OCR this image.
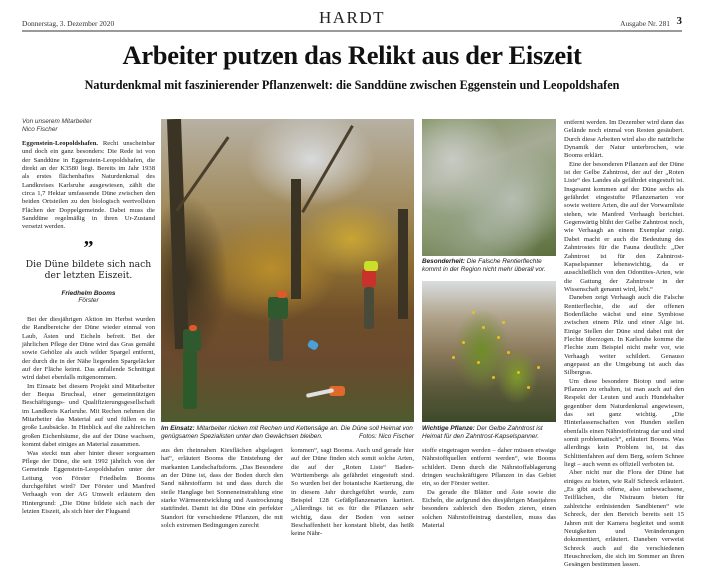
Donnerstag, 3. Dezember 2020	HARDT	Ausgabe Nr. 281 3
Arbeiter putzen das Relikt aus der Eiszeit
Naturdenkmal mit faszinierender Pflanzenwelt: die Sanddüne zwischen Eggenstein und Leopoldshafen
Von unserem Mitarbeiter
Nico Fischer

Eggenstein-Leopoldshafen. Recht unscheinbar und doch ein ganz besonders: Die Rede ist von der Sanddüne in Eggenstein-Leopoldshafen, die direkt an der K3580 liegt. Bereits im Jahr 1938 als erstes flächenhaftes Naturdenkmal des Landkreises Karlsruhe ausgewiesen, zählt die circa 1,7 Hektar umfassende Düne zwischen den beiden Ortsteilen zu den biologisch wertvollsten Flächen der Doppelgemeinde. Dabei muss die Sanddüne regelmäßig in ihren Ur-Zustand versetzt werden.

”
Die Düne bildete sich nach der letzten Eiszeit.
Friedhelm Booms
Förster

Bei der diesjährigen Aktion im Herbst wurden die Randbereiche der Düne wieder einmal von Laub, Ästen und Eicheln befreit. Bei der jährlichen Pflege der Düne wird das Gras gemäht sowie Gehölze als auch wilder Spargel entfernt, der durch die in der Nähe liegenden Spargeläcker auf der Fläche keimt. Das anfallende Schnittgut wird dabei ebenfalls mitgenommen.

Im Einsatz bei diesem Projekt sind Mitarbeiter der Bequa Bruchsal, einer gemeinnützigen Beschäftigungs- und Qualifizierungsgesellschaft im Landkreis Karlsruhe. Mit Rechen nehmen die Mitarbeiter das Material auf und füllen es in große Laubsäcke. In Hinblick auf die zahlreichen großen Eichenbäume, die auf der Düne wachsen, kommt dabei einiges an Material zusammen.

Was steckt nun aber hinter dieser sorgsamen Pflege der Düne, die seit 1992 jährlich von der Gemeinde Eggenstein-Leopoldshafen unter der Leitung von Förster Friedhelm Booms durchgeführt wird? Der Förster und Manfred Verhaagh von der AG Umwelt erläutern den Hintergrund: „Die Düne bildete sich nach der letzten Eiszeit, als sich hier der Flugsand

Im Einsatz: Mitarbeiter rücken mit Rechen und Kettensäge an. Die Düne soll Heimat von genügsamen Spezialisten unter den Gewächsen bleiben.	Fotos: Nico Fischer
Besonderheit: Die Falsche Rentierflechte kommt in der Region nicht mehr überall vor.
Wichtige Pflanze: Der Gelbe Zahntrost ist Heimat für den Zahntrost-Kapselspanner.

aus den rheinnahen Kiesflächen abgelagert hat“, erläutert Booms die Entstehung der markanten Landschaftsform. „Das Besondere an der Düne ist, dass der Boden durch den Sand nährstoffarm ist und dass durch die steile Hanglage bei Sonneneinstrahlung eine starke Wärmeentwicklung und Austrocknung stattfindet. Damit ist die Düne ein perfekter Standort für verschiedene Pflanzen, die mit solch extremen Bedingungen zurecht

kommen“, sagt Booms. Auch und gerade hier auf der Düne finden sich somit solche Arten, die auf der „Roten Liste“ Baden-Württembergs als gefährdet eingestuft sind. So wurden bei der botanische Kartierung, die in diesem Jahr durchgeführt wurde, zum Beispiel 128 Gefäßpflanzenarten kartiert. „Allerdings ist es für die Pflanzen sehr wichtig, dass der Boden von seiner Beschaffenheit her konstant bliebt, das heißt keine Nähr-

stoffe eingetragen werden – daher müssen etwaige Nährstoffquellen entfernt werden“, wie Booms schildert. Denn durch die Nährstoffablagerung dringen wuchskräftigere Pflanzen in das Gebiet ein, so der Förster weiter.

Da gerade die Blätter und Äste sowie die Eicheln, die aufgrund des diesjährigen Mastjahres besonders zahlreich den Boden zieren, einen solchen Nährstoffeintrag darstellen, muss das Material

entfernt werden. Im Dezember wird dann das Gelände noch einmal von Resten gesäubert. Durch diese Arbeiten wird also die natürliche Dynamik der Natur unterbrochen, wie Booms erklärt.

Eine der besonderen Pflanzen auf der Düne ist der Gelbe Zahntrost, der auf der „Roten Liste“ des Landes als gefährdet eingestuft ist. Insgesamt kommen auf der Düne sechs als gefährdet eingestufte Pflanzenarten vor sowie weitere Arten, die auf der Vorwarnliste stehen, wie Manfred Verhaagh berichtet. Gegenwärtig blüht der Gelbe Zahntrost noch, wie Verhaagh an einem Exemplar zeigt. Dabei macht er auch die Bedeutung des Zahntrostes für die Fauna deutlich: „Der Zahntrost ist für den Zahntrost-Kapselspanner lebenswichtig, da er ausschließlich von den Odontites-Arten, wie die Gattung der Zahntroste in der Wissenschaft genannt wird, lebt.“

Daneben zeigt Verhaagh auch die Falsche Rentierflechte, die auf der offenen Bodenfläche wächst und eine Symbiose zwischen einem Pilz und einer Alge ist. Einige Stellen der Düne sind dabei mit der Flechte überzogen. In Karlsruhe komme die Flechte zum Beispiel nicht mehr vor, wie Verhaagh weiter schildert. Genauso angepasst an die Umgebung ist auch das Silbergras.

Um diese besondere Biotop und seine Pflanzen zu erhalten, ist man auch auf den Respekt der Leuten und auch Hundehalter gegenüber dem Naturdenkmal angewiesen, das sei ganz wichtig. „Die Hinterlassenschaften von Hunden stellen ebenfalls einen Nährstoffeintrag dar und sind somit problematisch“, erläutert Booms. Was allerdings kein Problem ist, ist das Schlittenfahren auf dem Berg, sofern Schnee liegt – auch wenn es offiziell verboten ist.

Aber nicht nur die Flora der Düne hat einiges zu bieten, wie Ralf Schreck erläutert. „Es gibt auch offene, also unbewachsene, Teilflächen, die Nistraum bieten für zahlreiche erdnistenden Sandbienen“ wie Schreck, der den Bereich bereits seit 15 Jahren mit der Kamera begleitet und somit Neuigkeiten und Veränderungen dokumentiert, erläutert. Daneben verweist Schreck auch auf die verschiedenen Heuschrecken, die sich im Sommer an ihren Gesängen bestimmen lassen.
